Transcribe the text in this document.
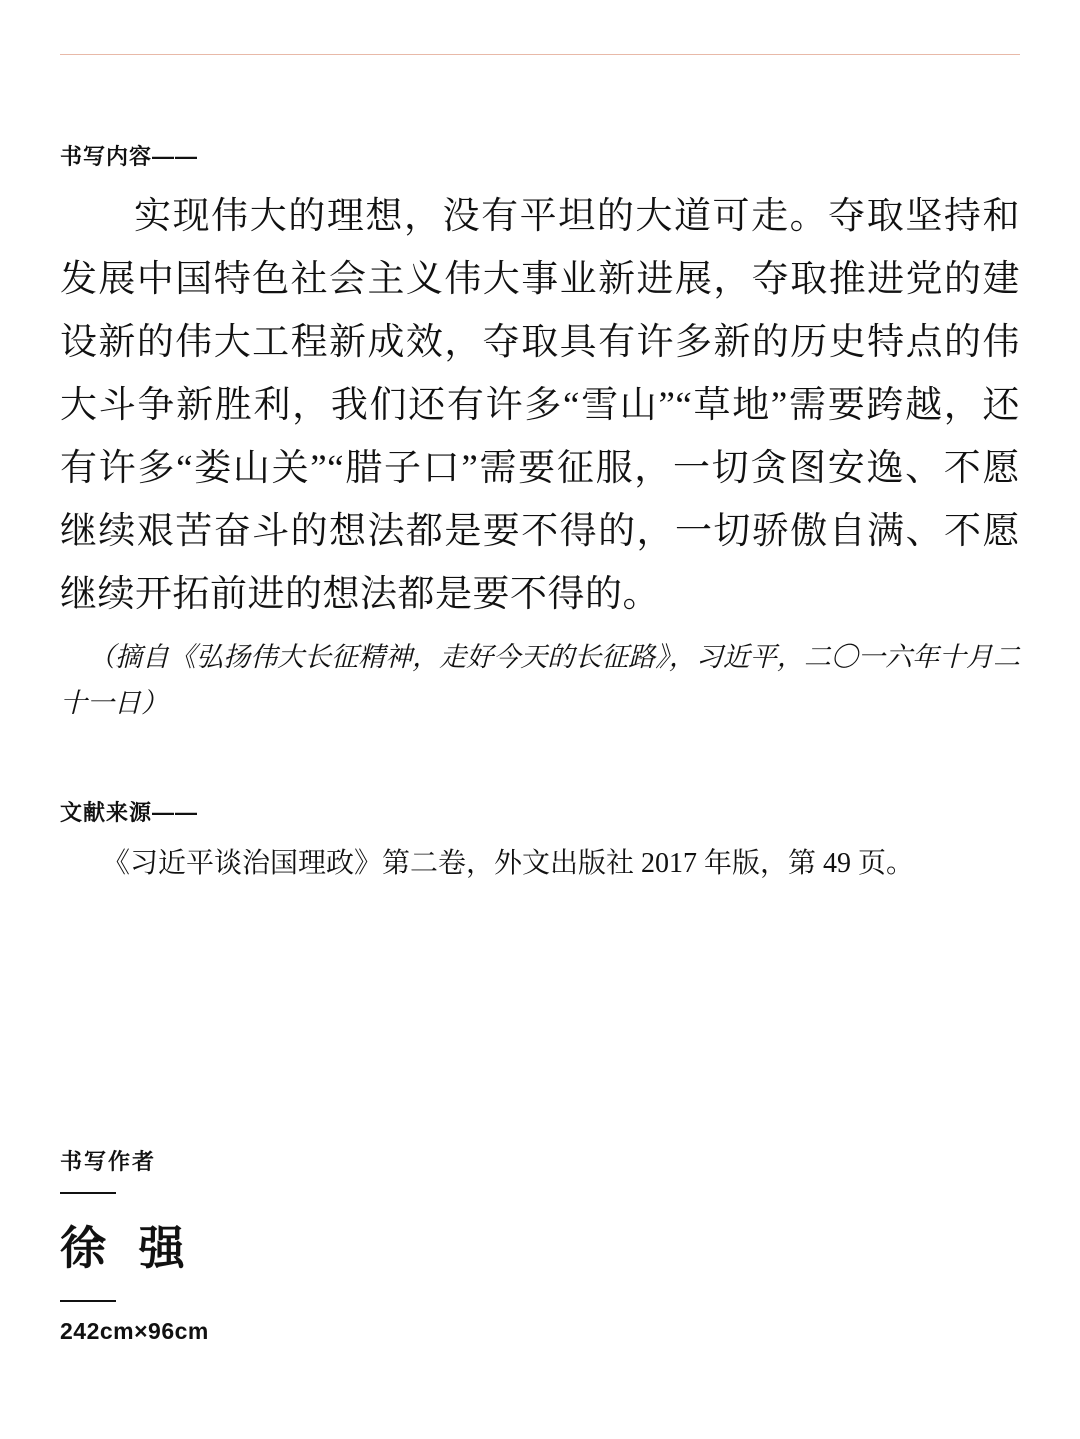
书写内容——

实现伟大的理想，没有平坦的大道可走。夺取坚持和发展中国特色社会主义伟大事业新进展，夺取推进党的建设新的伟大工程新成效，夺取具有许多新的历史特点的伟大斗争新胜利，我们还有许多“雪山”“草地”需要跨越，还有许多“娄山关”“腊子口”需要征服，一切贪图安逸、不愿继续艰苦奋斗的想法都是要不得的，一切骄傲自满、不愿继续开拓前进的想法都是要不得的。

（摘自《弘扬伟大长征精神，走好今天的长征路》，习近平，二〇一六年十月二十一日）

文献来源——

《习近平谈治国理政》第二卷，外文出版社 2017 年版，第 49 页。

书写作者

徐 强

242cm×96cm
